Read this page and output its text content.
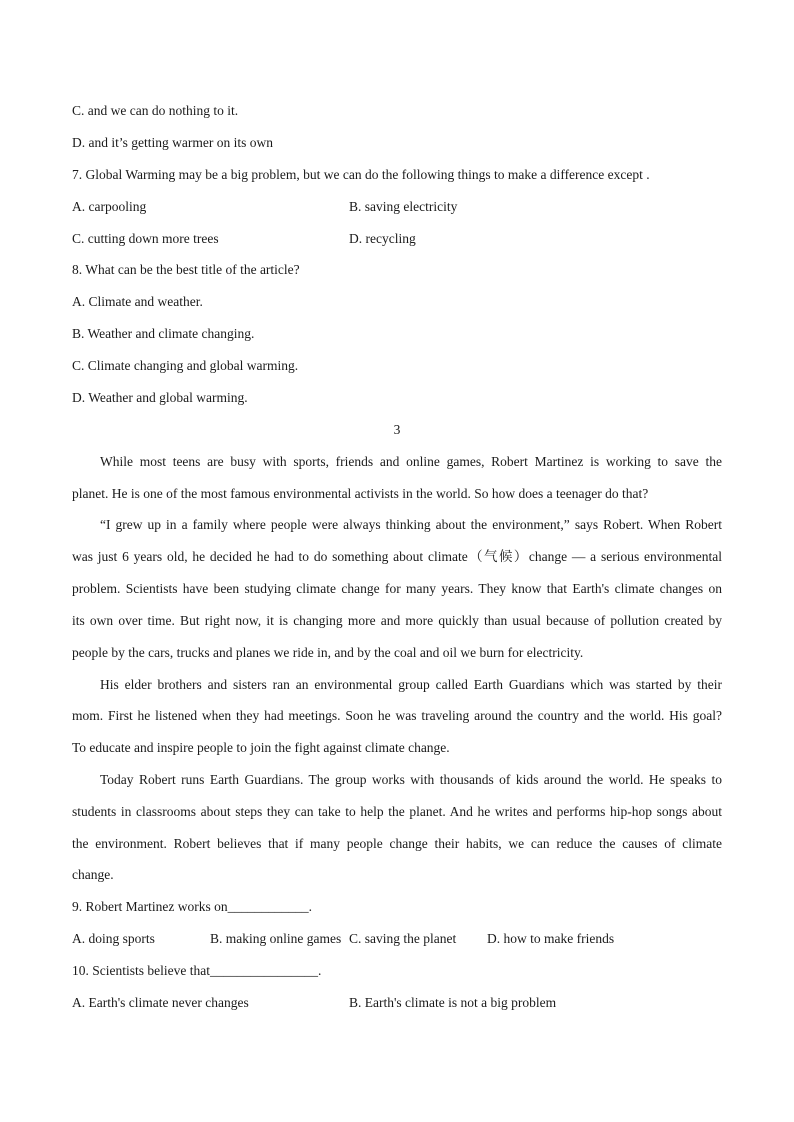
C. and we can do nothing to it.
D. and it’s getting warmer on its own
7. Global Warming may be a big problem, but we can do the following things to make a difference except .
A. carpooling	B. saving electricity
C. cutting down more trees	D. recycling
8. What can be the best title of the article?
A. Climate and weather.
B. Weather and climate changing.
C. Climate changing and global warming.
D. Weather and global warming.
3
While most teens are busy with sports, friends and online games, Robert Martinez is working to save the
planet. He is one of the most famous environmental activists in the world. So how does a teenager do that?
“I grew up in a family where people were always thinking about the environment,” says Robert. When Robert
was just 6 years old, he decided he had to do something about climate（气候）change — a serious environmental
problem. Scientists have been studying climate change for many years. They know that Earth's climate changes on
its own over time. But right now, it is changing more and more quickly than usual because of pollution created by
people by the cars, trucks and planes we ride in, and by the coal and oil we burn for electricity.
His elder brothers and sisters ran an environmental group called Earth Guardians which was started by their
mom. First he listened when they had meetings. Soon he was traveling around the country and the world. His goal?
To educate and inspire people to join the fight against climate change.
Today Robert runs Earth Guardians. The group works with thousands of kids around the world. He speaks to
students in classrooms about steps they can take to help the planet. And he writes and performs hip-hop songs about
the environment. Robert believes that if many people change their habits, we can reduce the causes of climate
change.
9. Robert Martinez works on____________.
A. doing sports	B. making online games C. saving the planet D. how to make friends
10. Scientists believe that________________.
A. Earth's climate never changes	B. Earth's climate is not a big problem
